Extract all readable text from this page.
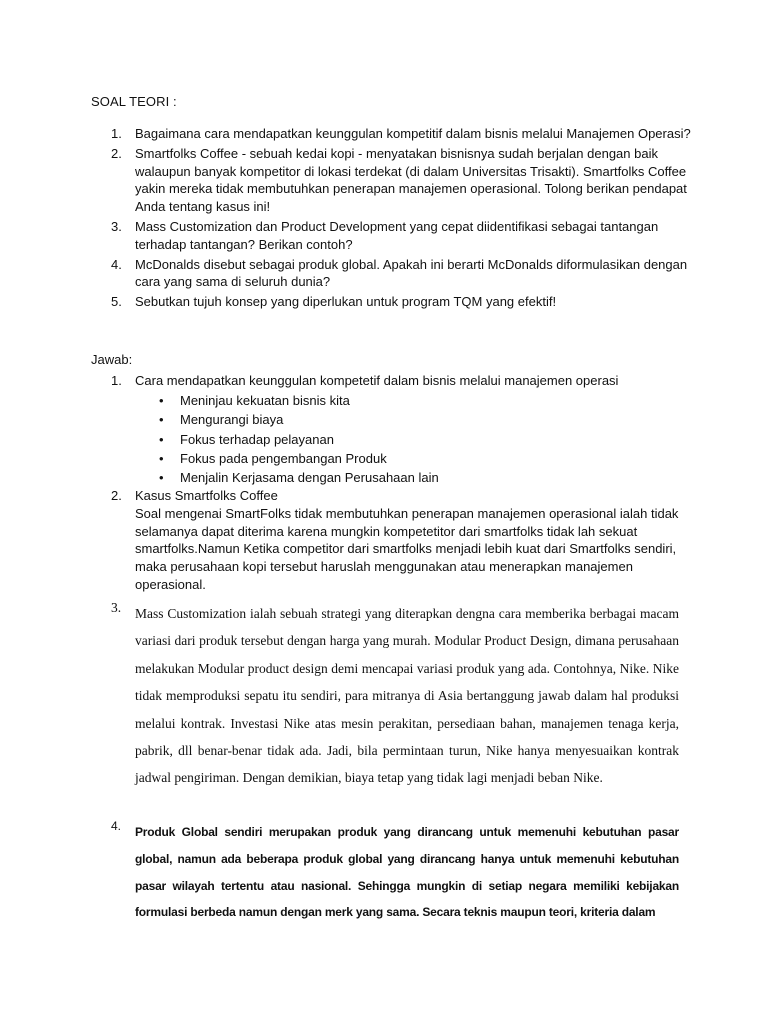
SOAL TEORI :
1. Bagaimana cara mendapatkan keunggulan kompetitif dalam bisnis melalui Manajemen Operasi?
2. Smartfolks Coffee - sebuah kedai kopi - menyatakan bisnisnya sudah berjalan dengan baik walaupun banyak kompetitor di lokasi terdekat (di dalam Universitas Trisakti). Smartfolks Coffee yakin mereka tidak membutuhkan penerapan manajemen operasional. Tolong berikan pendapat Anda tentang kasus ini!
3. Mass Customization dan Product Development yang cepat diidentifikasi sebagai tantangan terhadap tantangan? Berikan contoh?
4. McDonalds disebut sebagai produk global. Apakah ini berarti McDonalds diformulasikan dengan cara yang sama di seluruh dunia?
5. Sebutkan tujuh konsep yang diperlukan untuk program TQM yang efektif!
Jawab:
1. Cara mendapatkan keunggulan kompetetif dalam bisnis melalui manajemen operasi
• Meninjau kekuatan bisnis kita
• Mengurangi biaya
• Fokus terhadap pelayanan
• Fokus pada pengembangan Produk
• Menjalin Kerjasama dengan Perusahaan lain
2. Kasus Smartfolks Coffee
Soal mengenai SmartFolks tidak membutuhkan penerapan manajemen operasional ialah tidak selamanya dapat diterima karena mungkin kompetetitor dari smartfolks tidak lah sekuat smartfolks.Namun Ketika competitor dari smartfolks menjadi lebih kuat dari Smartfolks sendiri, maka perusahaan kopi tersebut haruslah menggunakan atau menerapkan manajemen operasional.
3. Mass Customization ialah sebuah strategi yang diterapkan dengna cara memberika berbagai macam variasi dari produk tersebut dengan harga yang murah. Modular Product Design, dimana perusahaan melakukan Modular product design demi mencapai variasi produk yang ada. Contohnya, Nike. Nike tidak memproduksi sepatu itu sendiri, para mitranya di Asia bertanggung jawab dalam hal produksi melalui kontrak. Investasi Nike atas mesin perakitan, persediaan bahan, manajemen tenaga kerja, pabrik, dll benar-benar tidak ada. Jadi, bila permintaan turun, Nike hanya menyesuaikan kontrak jadwal pengiriman. Dengan demikian, biaya tetap yang tidak lagi menjadi beban Nike.
4. Produk Global sendiri merupakan produk yang dirancang untuk memenuhi kebutuhan pasar global, namun ada beberapa produk global yang dirancang hanya untuk memenuhi kebutuhan pasar wilayah tertentu atau nasional. Sehingga mungkin di setiap negara memiliki kebijakan formulasi berbeda namun dengan merk yang sama. Secara teknis maupun teori, kriteria dalam
